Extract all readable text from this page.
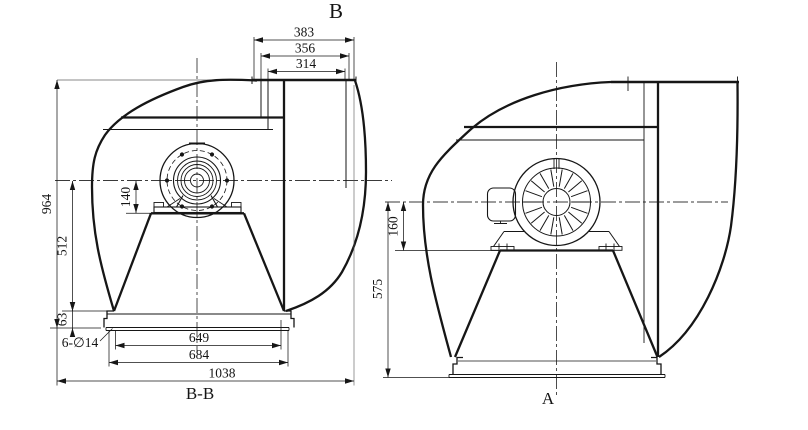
B
383
356
314
964
512
63
140
6-∅14	649
684
1038
B-B
160
575
A
